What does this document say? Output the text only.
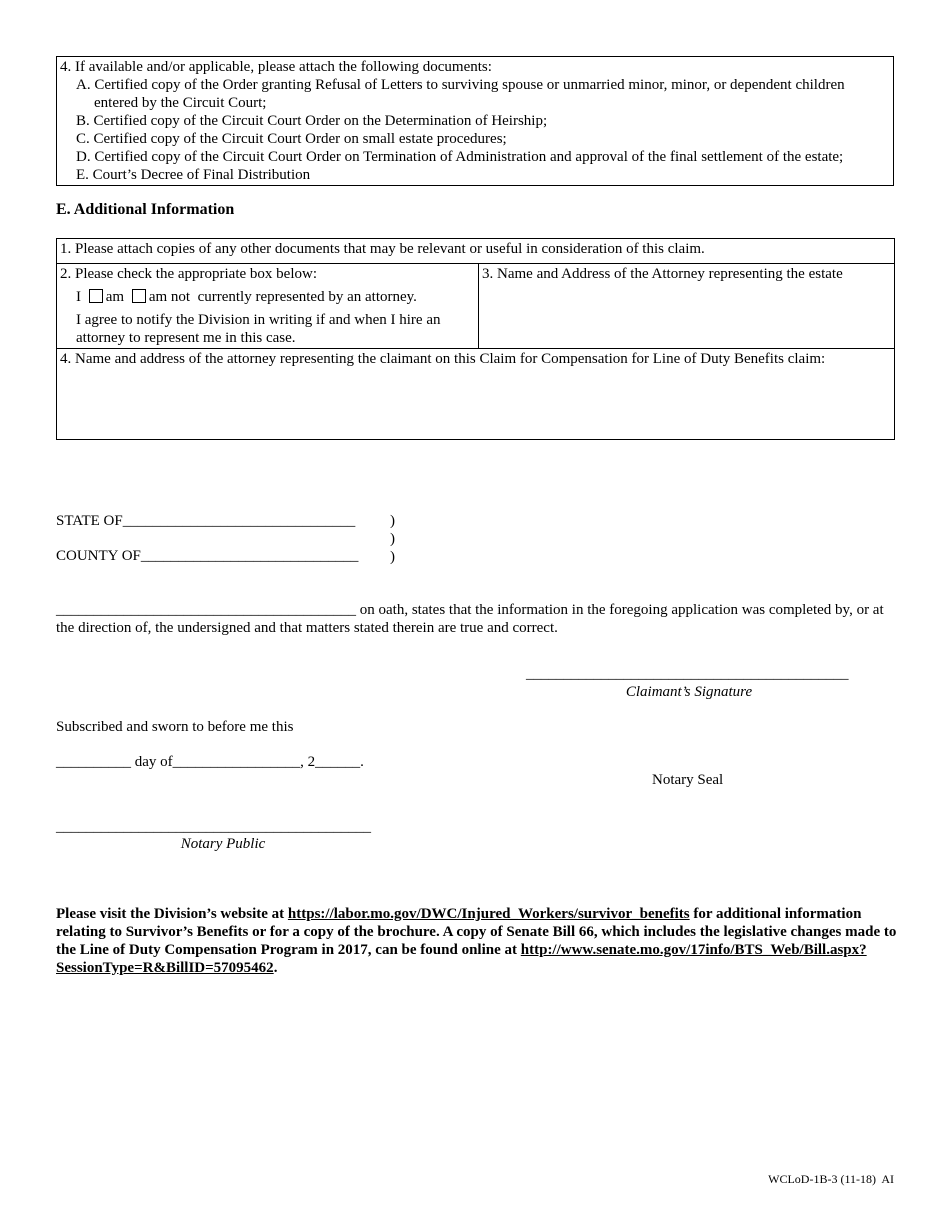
4. If available and/or applicable, please attach the following documents:

A. Certified copy of the Order granting Refusal of Letters to surviving spouse or unmarried minor, minor, or dependent children entered by the Circuit Court;
B. Certified copy of the Circuit Court Order on the Determination of Heirship;
C. Certified copy of the Circuit Court Order on small estate procedures;
D. Certified copy of the Circuit Court Order on Termination of Administration and approval of the final settlement of the estate;
E. Court’s Decree of Final Distribution
E. Additional Information
1. Please attach copies of any other documents that may be relevant or useful in consideration of this claim.

2. Please check the appropriate box below:
I am am not currently represented by an attorney.
I agree to notify the Division in writing if and when I hire an attorney to represent me in this case.
	3. Name and Address of the Attorney representing the estate
4. Name and address of the attorney representing the claimant on this Claim for Compensation for Line of Duty Benefits claim:
STATE OF_______________________________
COUNTY OF_____________________________
)
)
)
________________________________________ on oath, states that the information in the foregoing application was completed by, or at the direction of, the undersigned and that matters stated therein are true and correct.
___________________________________________
Claimant’s Signature
Subscribed and sworn to before me this
__________ day of_________________, 2______.
Notary Seal
__________________________________________
Notary Public
Please visit the Division’s website at https://labor.mo.gov/DWC/Injured_Workers/survivor_benefits for additional information relating to Survivor’s Benefits or for a copy of the brochure. A copy of Senate Bill 66, which includes the legislative changes made to the Line of Duty Compensation Program in 2017, can be found online at http://www.senate.mo.gov/17info/BTS_Web/Bill.aspx?SessionType=R&BillID=57095462.
WCLoD-1B-3 (11-18)  AI
